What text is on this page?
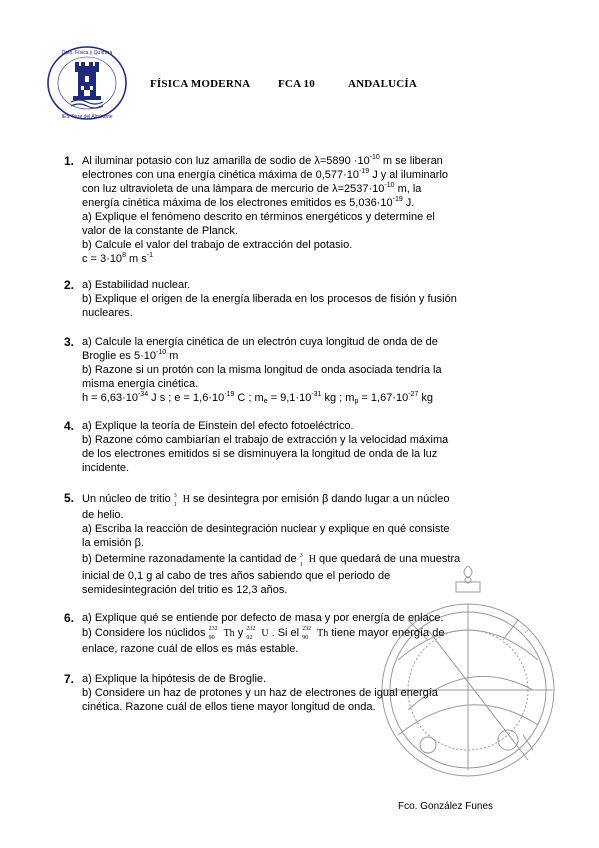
Dpto. Física y Química
IES Torre del Almirante
FÍSICA MODERNA	FCA 10	ANDALUCÍA
1. Al iluminar potasio con luz amarilla de sodio de $\lambda=5890 \cdot 10^{-10}$ m se liberan

electrones con una energía cinética máxima de $0,577\cdot 10^{-19}$ J y al iluminarlo

con luz ultravioleta de una lámpara de mercurio de $\lambda=2537\cdot 10^{-10}$ m, la

energía cinética máxima de los electrones emitidos es $5,036\cdot 10^{-19}$ J.

a) Explique el fenómeno descrito en términos energéticos y determine el

valor de la constante de Planck.

b) Calcule el valor del trabajo de extracción del potasio.

$c = 3\cdot 10^8$ m $s^{-1}$

2. a) Estabilidad nuclear.

b) Explique el origen de la energía liberada en los procesos de fisión y fusión

nucleares.

3. a) Calcule la energía cinética de un electrón cuya longitud de onda de de

Broglie es $5\cdot 10^{-10}$ m

b) Razone si un protón con la misma longitud de onda asociada tendría la

misma energía cinética.

$h = 6,63\cdot 10^{-34}$ J s ; $e = 1,6\cdot 10^{-19}$ C ; $m_e = 9,1\cdot 10^{-31}$ kg ; $m_p = 1,67\cdot 10^{-27}$ kg

4. a) Explique la teoría de Einstein del efecto fotoeléctrico.

b) Razone cómo cambiarían el trabajo de extracción y la velocidad máxima

de los electrones emitidos si se disminuyera la longitud de onda de la luz

incidente.

5. Un núcleo de tritio 3
1 H se desintegra por emisión β dando lugar a un núcleo

de helio.

a) Escriba la reacción de desintegración nuclear y explique en qué consiste

la emisión β.

b) Determine razonadamente la cantidad de 3
1 H que quedará de una muestra

inicial de 0,1 g al cabo de tres años sabiendo que el periodo de

semidesintegración del tritio es 12,3 años.

6. a) Explique qué se entiende por defecto de masa y por energía de enlace.

b) Considere los núclidos 232
90 Th y 232
92 U . Si el 232
90 Th tiene mayor energía de

enlace, razone cuál de ellos es más estable.

7. a) Explique la hipótesis de de Broglie.

b) Considere un haz de protones y un haz de electrones de igual energía

cinética. Razone cuál de ellos tiene mayor longitud de onda.

Fco. González Funes
